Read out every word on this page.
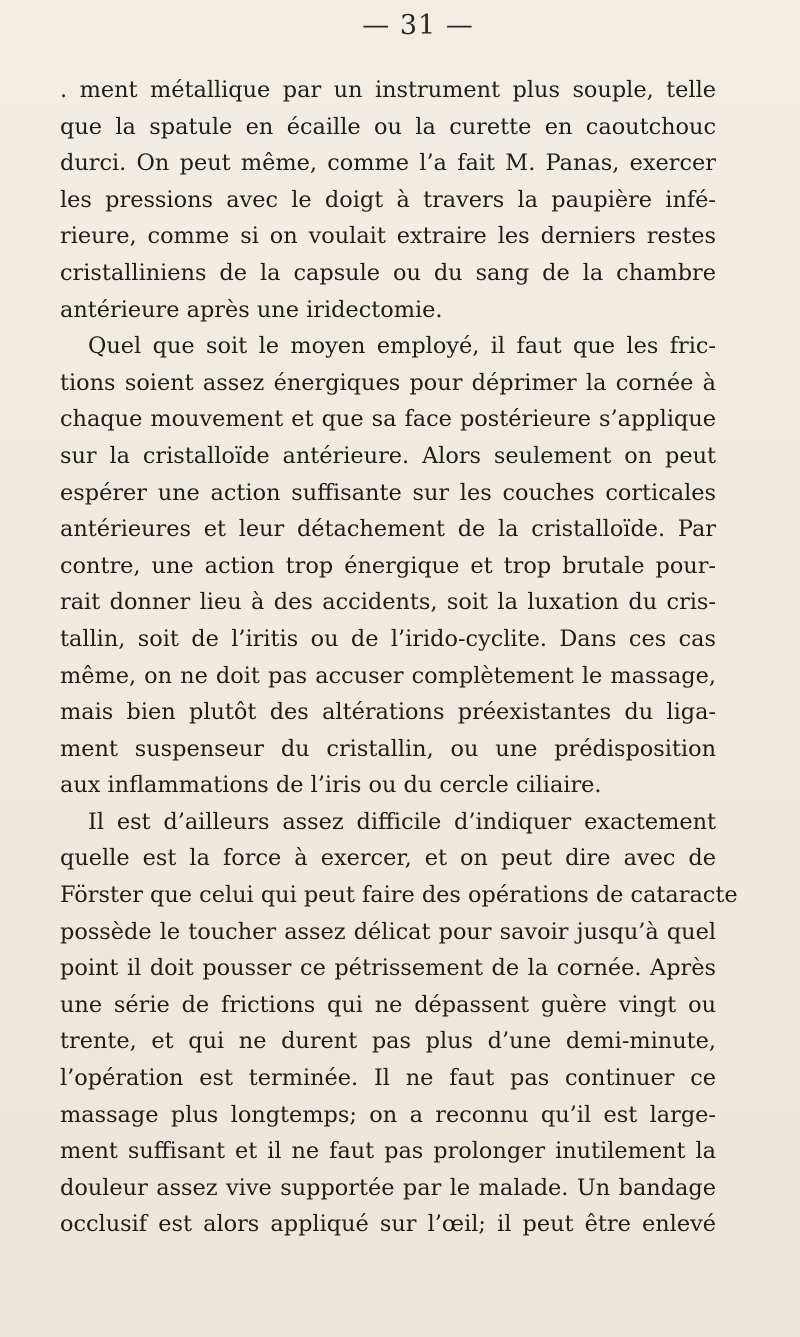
— 31 —
. ment métallique par un instrument plus souple, telle
que la spatule en écaille ou la curette en caoutchouc
durci. On peut même, comme l’a fait M. Panas, exercer
les pressions avec le doigt à travers la paupière infé-
rieure, comme si on voulait extraire les derniers restes
cristalliniens de la capsule ou du sang de la chambre
antérieure après une iridectomie.
Quel que soit le moyen employé, il faut que les fric-
tions soient assez énergiques pour déprimer la cornée à
chaque mouvement et que sa face postérieure s’applique
sur la cristalloïde antérieure. Alors seulement on peut
espérer une action suffisante sur les couches corticales
antérieures et leur détachement de la cristalloïde. Par
contre, une action trop énergique et trop brutale pour-
rait donner lieu à des accidents, soit la luxation du cris-
tallin, soit de l’iritis ou de l’irido-cyclite. Dans ces cas
même, on ne doit pas accuser complètement le massage,
mais bien plutôt des altérations préexistantes du liga-
ment suspenseur du cristallin, ou une prédisposition
aux inflammations de l’iris ou du cercle ciliaire.
Il est d’ailleurs assez difficile d’indiquer exactement
quelle est la force à exercer, et on peut dire avec de
Förster que celui qui peut faire des opérations de cataracte
possède le toucher assez délicat pour savoir jusqu’à quel
point il doit pousser ce pétrissement de la cornée. Après
une série de frictions qui ne dépassent guère vingt ou
trente, et qui ne durent pas plus d’une demi-minute,
l’opération est terminée. Il ne faut pas continuer ce
massage plus longtemps; on a reconnu qu’il est large-
ment suffisant et il ne faut pas prolonger inutilement la
douleur assez vive supportée par le malade. Un bandage
occlusif est alors appliqué sur l’œil; il peut être enlevé
